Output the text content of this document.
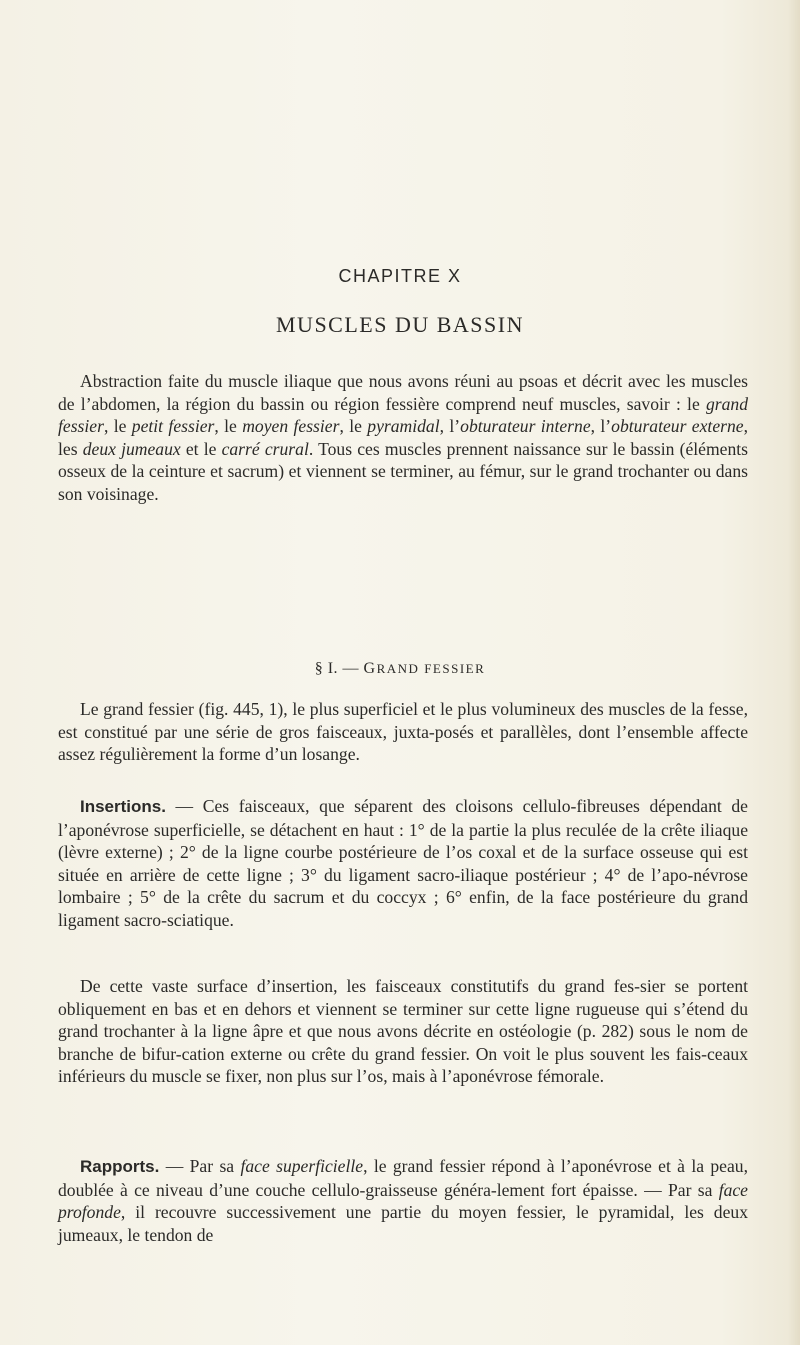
CHAPITRE X
MUSCLES DU BASSIN
Abstraction faite du muscle iliaque que nous avons réuni au psoas et décrit avec les muscles de l’abdomen, la région du bassin ou région fessière comprend neuf muscles, savoir : le grand fessier, le petit fessier, le moyen fessier, le pyramidal, l’obturateur interne, l’obturateur externe, les deux jumeaux et le carré crural. Tous ces muscles prennent naissance sur le bassin (éléments osseux de la ceinture et sacrum) et viennent se terminer, au fémur, sur le grand trochanter ou dans son voisinage.
§ I. — GRAND FESSIER
Le grand fessier (fig. 445, 1), le plus superficiel et le plus volumineux des muscles de la fesse, est constitué par une série de gros faisceaux, juxta-posés et parallèles, dont l’ensemble affecte assez régulièrement la forme d’un losange.
Insertions. — Ces faisceaux, que séparent des cloisons cellulo-fibreuses dépendant de l’aponévrose superficielle, se détachent en haut : 1° de la partie la plus reculée de la crête iliaque (lèvre externe) ; 2° de la ligne courbe postérieure de l’os coxal et de la surface osseuse qui est située en arrière de cette ligne ; 3° du ligament sacro-iliaque postérieur ; 4° de l’apo-névrose lombaire ; 5° de la crête du sacrum et du coccyx ; 6° enfin, de la face postérieure du grand ligament sacro-sciatique.
De cette vaste surface d’insertion, les faisceaux constitutifs du grand fes-sier se portent obliquement en bas et en dehors et viennent se terminer sur cette ligne rugueuse qui s’étend du grand trochanter à la ligne âpre et que nous avons décrite en ostéologie (p. 282) sous le nom de branche de bifur-cation externe ou crête du grand fessier. On voit le plus souvent les fais-ceaux inférieurs du muscle se fixer, non plus sur l’os, mais à l’aponévrose fémorale.
Rapports. — Par sa face superficielle, le grand fessier répond à l’aponévrose et à la peau, doublée à ce niveau d’une couche cellulo-graisseuse généra-lement fort épaisse. — Par sa face profonde, il recouvre successivement une partie du moyen fessier, le pyramidal, les deux jumeaux, le tendon de
